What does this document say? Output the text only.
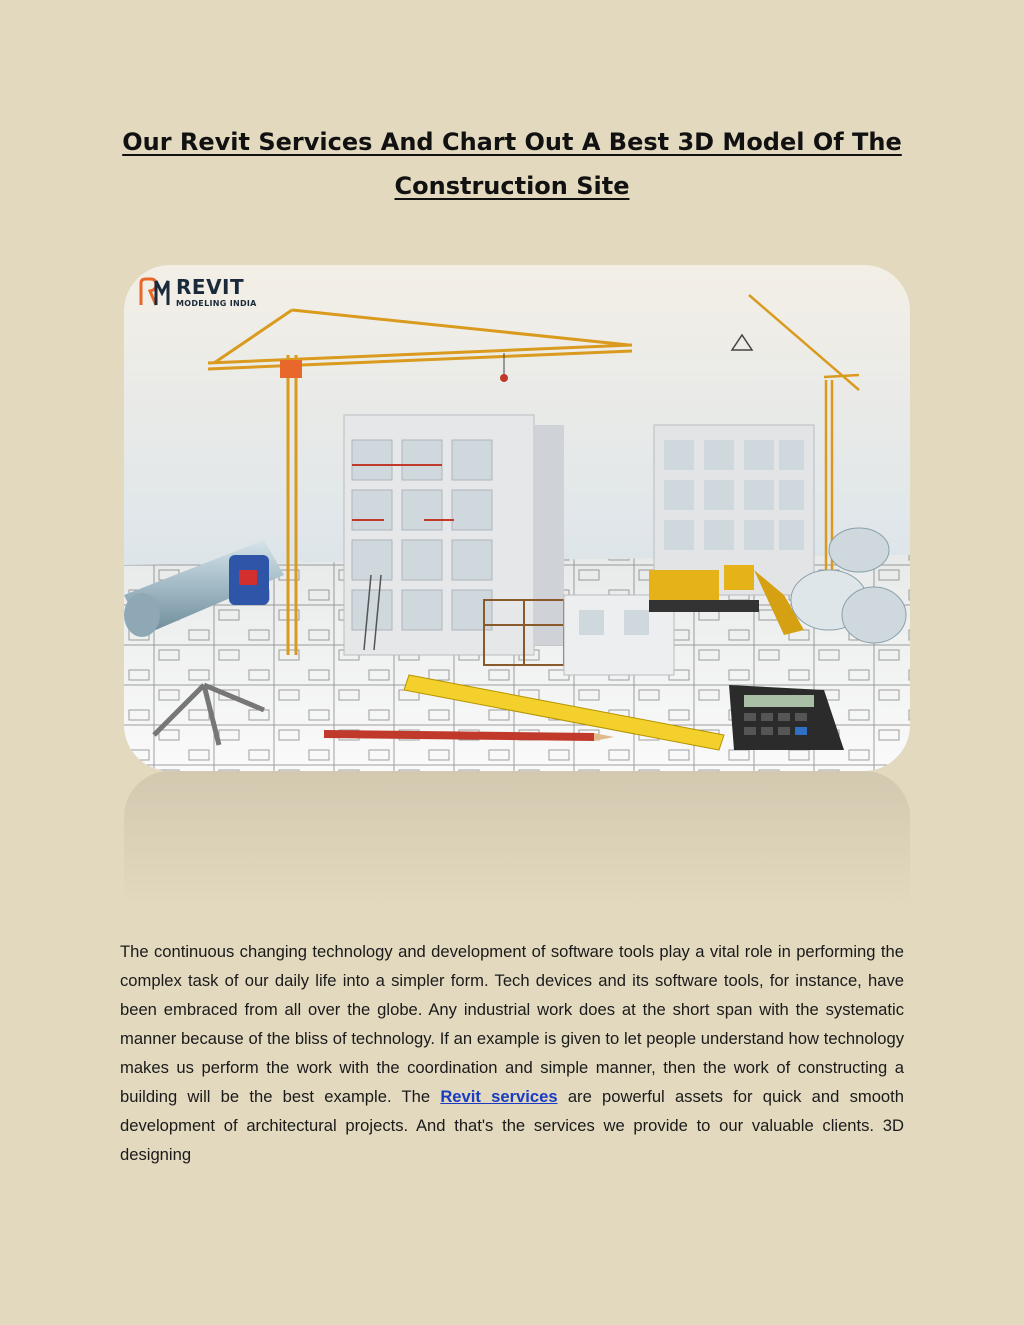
Our Revit Services And Chart Out A Best 3D Model Of The
Construction Site
REVIT
MODELING INDIA

The continuous changing technology and development of software tools play a vital role in performing the complex task of our daily life into a simpler form. Tech devices and its software tools, for instance, have been embraced from all over the globe. Any industrial work does at the short span with the systematic manner because of the bliss of technology. If an example is given to let people understand how technology makes us perform the work with the coordination and simple manner, then the work of constructing a building will be the best example. The Revit services are powerful assets for quick and smooth development of architectural projects. And that's the services we provide to our valuable clients. 3D designing
